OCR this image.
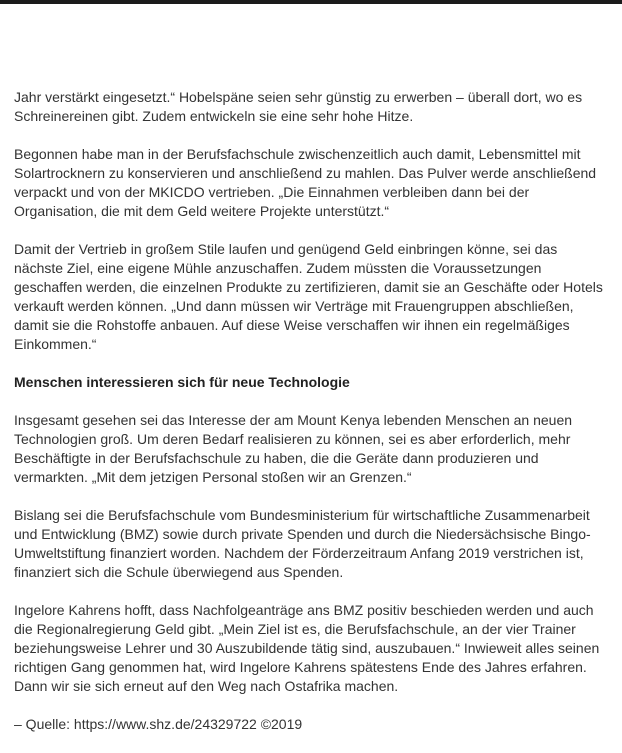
Jahr verstärkt eingesetzt.“ Hobelspäne seien sehr günstig zu erwerben – überall dort, wo es Schreinereinen gibt. Zudem entwickeln sie eine sehr hohe Hitze.

Begonnen habe man in der Berufsfachschule zwischenzeitlich auch damit, Lebensmittel mit Solartrocknern zu konservieren und anschließend zu mahlen. Das Pulver werde anschließend verpackt und von der MKICDO vertrieben. „Die Einnahmen verbleiben dann bei der Organisation, die mit dem Geld weitere Projekte unterstützt.“

Damit der Vertrieb in großem Stile laufen und genügend Geld einbringen könne, sei das nächste Ziel, eine eigene Mühle anzuschaffen. Zudem müssten die Voraussetzungen geschaffen werden, die einzelnen Produkte zu zertifizieren, damit sie an Geschäfte oder Hotels verkauft werden können. „Und dann müssen wir Verträge mit Frauengruppen abschließen, damit sie die Rohstoffe anbauen. Auf diese Weise verschaffen wir ihnen ein regelmäßiges Einkommen.“

Menschen interessieren sich für neue Technologie

Insgesamt gesehen sei das Interesse der am Mount Kenya lebenden Menschen an neuen Technologien groß. Um deren Bedarf realisieren zu können, sei es aber erforderlich, mehr Beschäftigte in der Berufsfachschule zu haben, die die Geräte dann produzieren und vermarkten. „Mit dem jetzigen Personal stoßen wir an Grenzen.“

Bislang sei die Berufsfachschule vom Bundesministerium für wirtschaftliche Zusammenarbeit und Entwicklung (BMZ) sowie durch private Spenden und durch die Niedersächsische Bingo-Umweltstiftung finanziert worden. Nachdem der Förderzeitraum Anfang 2019 verstrichen ist, finanziert sich die Schule überwiegend aus Spenden.

Ingelore Kahrens hofft, dass Nachfolgeanträge ans BMZ positiv beschieden werden und auch die Regionalregierung Geld gibt. „Mein Ziel ist es, die Berufsfachschule, an der vier Trainer beziehungsweise Lehrer und 30 Auszubildende tätig sind, auszubauen.“ Inwieweit alles seinen richtigen Gang genommen hat, wird Ingelore Kahrens spätestens Ende des Jahres erfahren. Dann wir sie sich erneut auf den Weg nach Ostafrika machen.

– Quelle: https://www.shz.de/24329722 ©2019
